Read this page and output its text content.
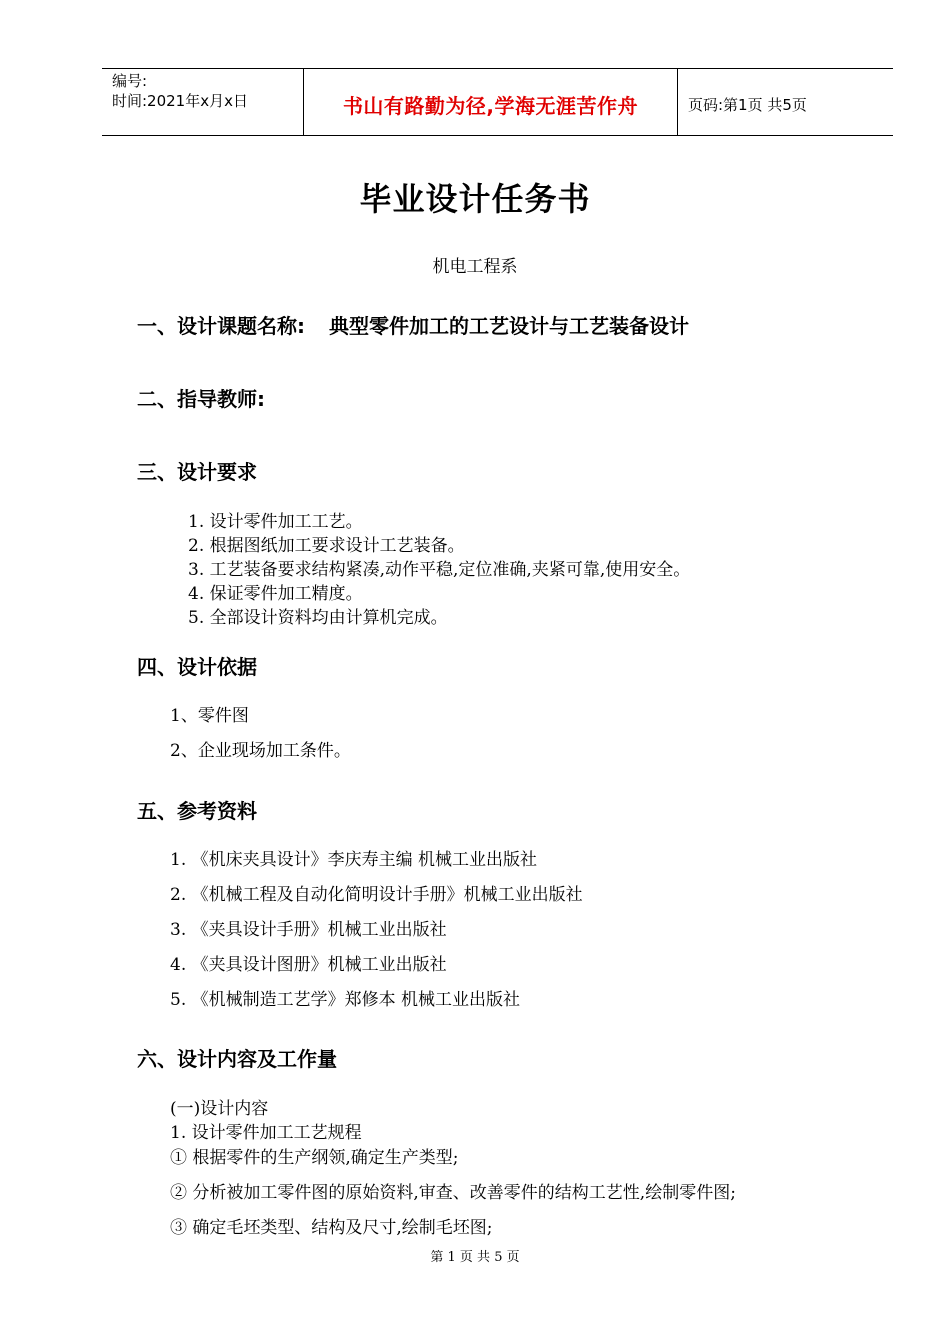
编号:
时间:2021年x月x日	书山有路勤为径,学海无涯苦作舟	页码:第1页 共5页
毕业设计任务书
机电工程系
一、设计课题名称: 典型零件加工的工艺设计与工艺装备设计
二、指导教师:
三、设计要求
1. 设计零件加工工艺。
2. 根据图纸加工要求设计工艺装备。
3. 工艺装备要求结构紧凑,动作平稳,定位准确,夹紧可靠,使用安全。
4. 保证零件加工精度。
5. 全部设计资料均由计算机完成。
四、设计依据
1、零件图
2、企业现场加工条件。
五、参考资料
1. 《机床夹具设计》李庆寿主编 机械工业出版社
2. 《机械工程及自动化简明设计手册》机械工业出版社
3. 《夹具设计手册》机械工业出版社
4. 《夹具设计图册》机械工业出版社
5. 《机械制造工艺学》郑修本 机械工业出版社
六、设计内容及工作量
(一)设计内容
1. 设计零件加工工艺规程
① 根据零件的生产纲领,确定生产类型;
② 分析被加工零件图的原始资料,审查、改善零件的结构工艺性,绘制零件图;
③ 确定毛坯类型、结构及尺寸,绘制毛坯图;
第 1 页 共 5 页
